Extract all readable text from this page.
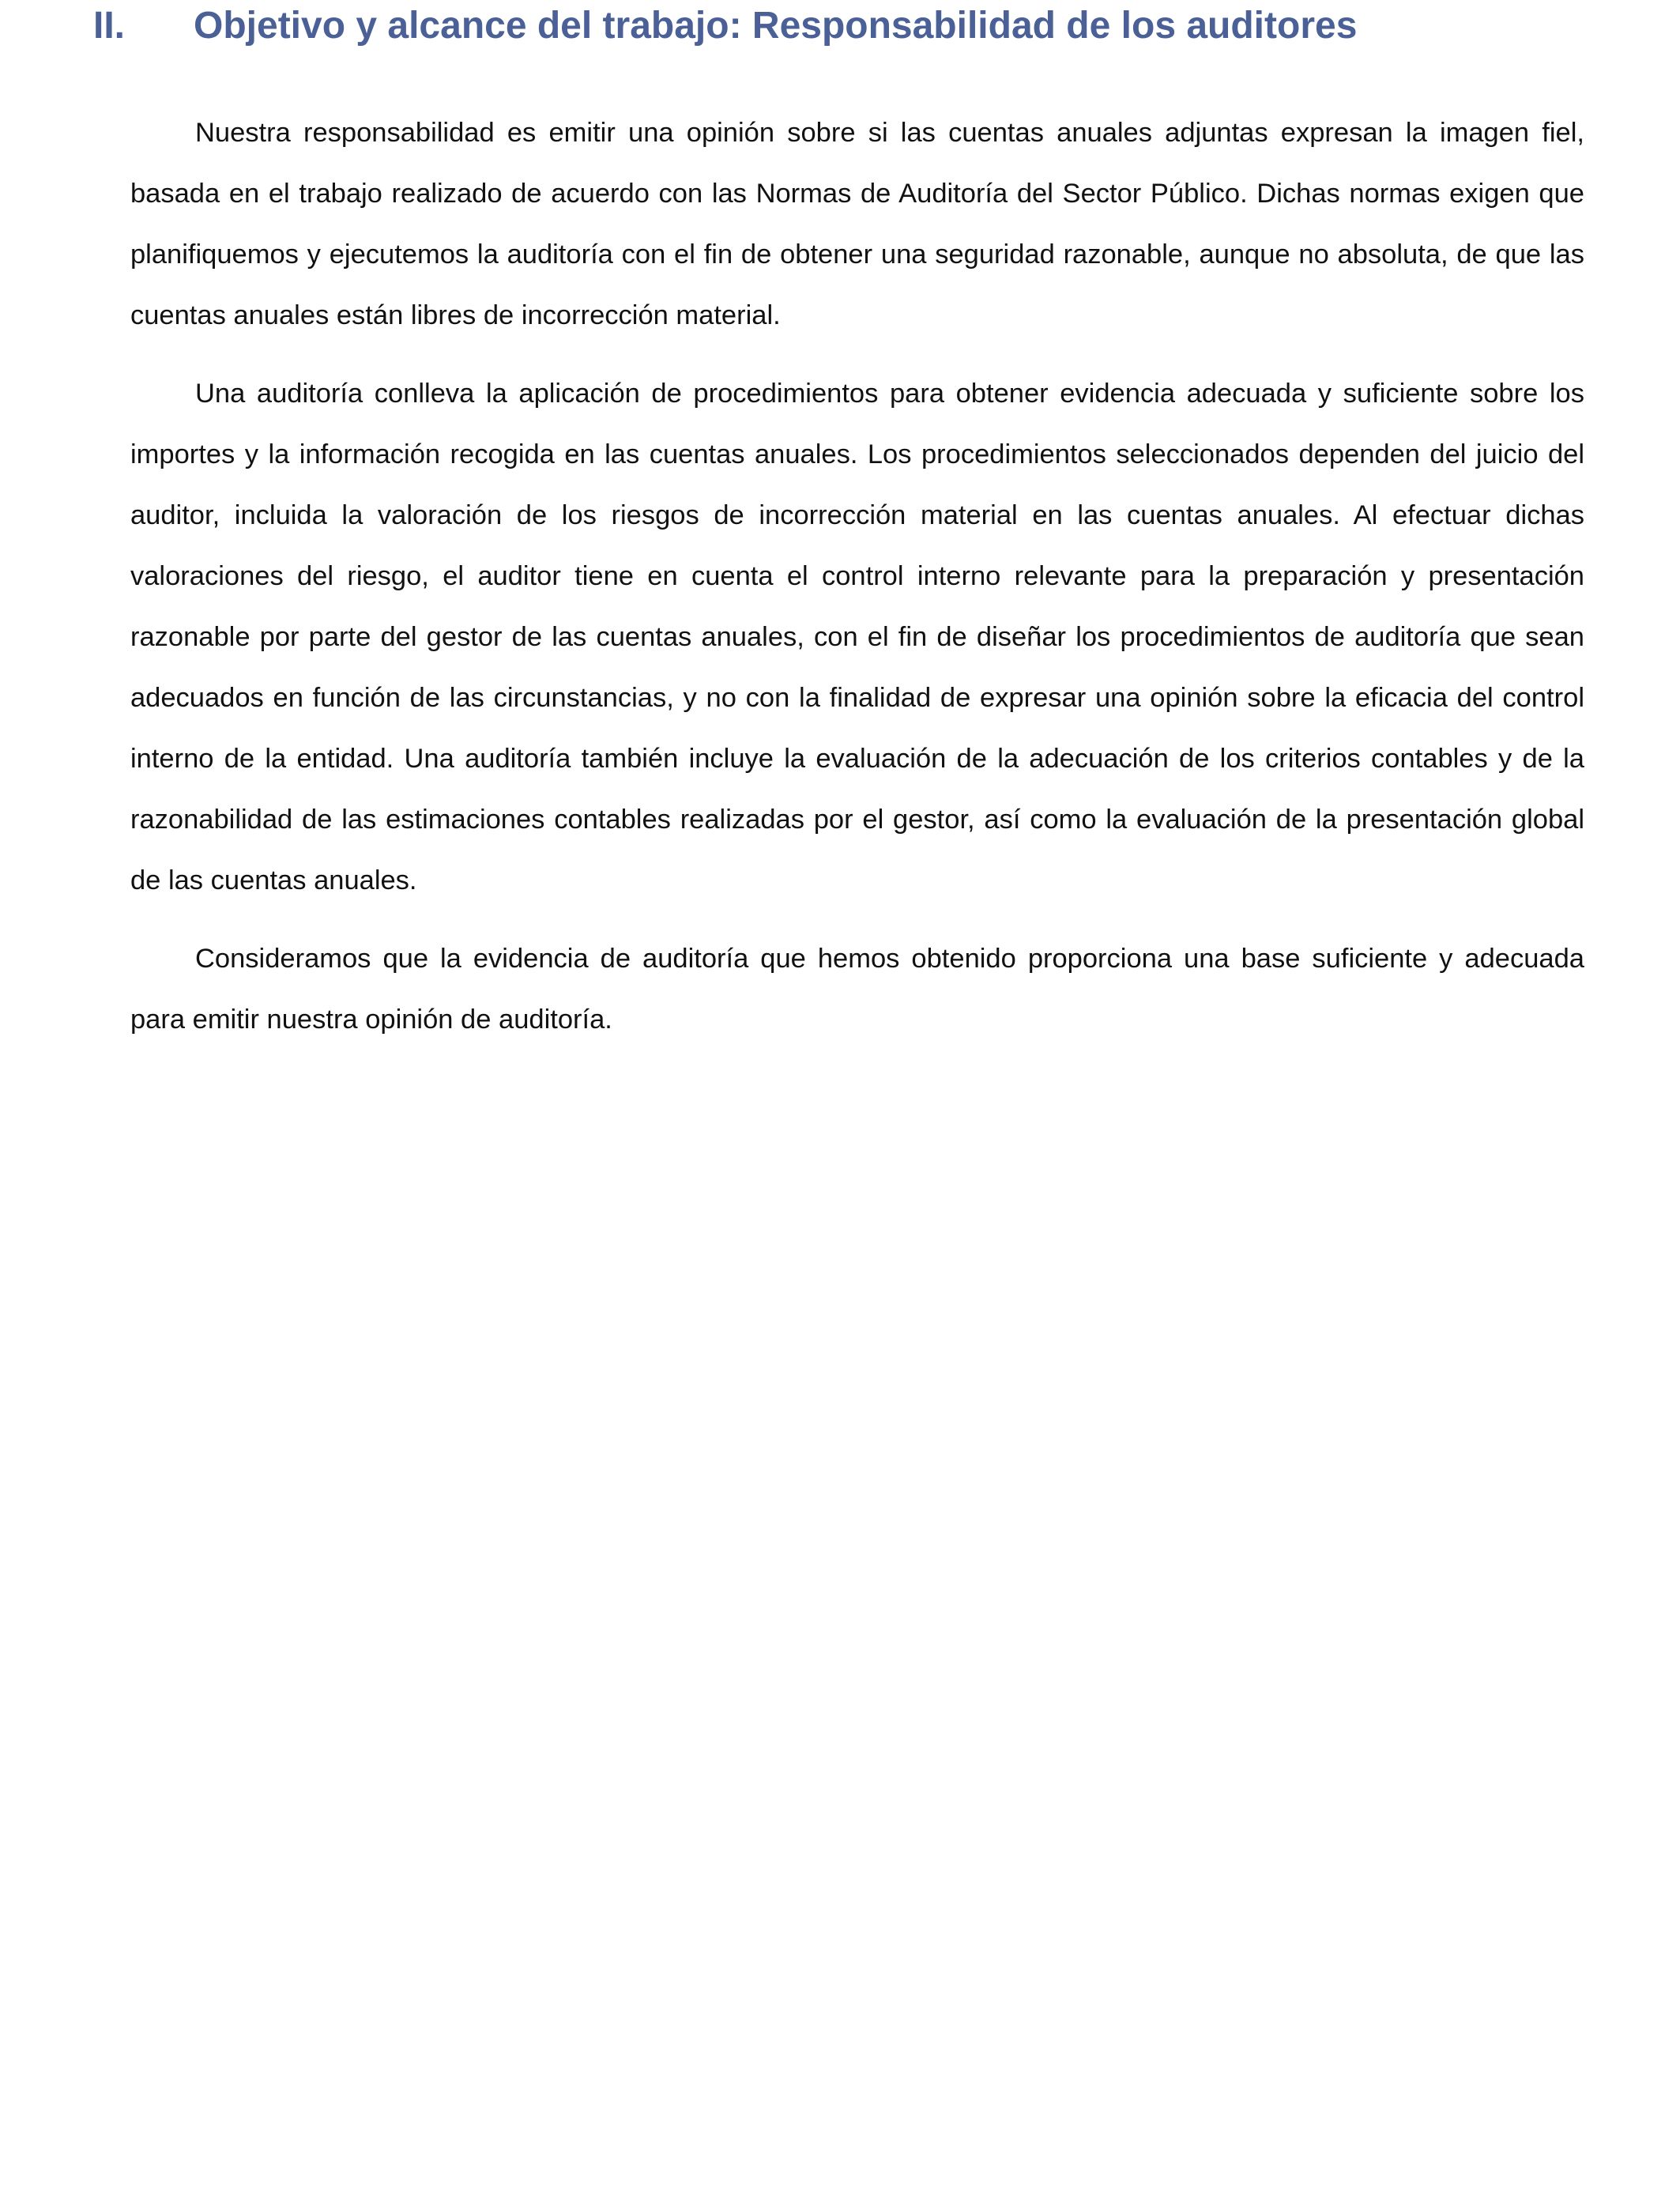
II.	Objetivo y alcance del trabajo: Responsabilidad de los auditores

Nuestra responsabilidad es emitir una opinión sobre si las cuentas anuales adjuntas expresan la imagen fiel, basada en el trabajo realizado de acuerdo con las Normas de Auditoría del Sector Público. Dichas normas exigen que planifiquemos y ejecutemos la auditoría con el fin de obtener una seguridad razonable, aunque no absoluta, de que las cuentas anuales están libres de incorrección material.

Una auditoría conlleva la aplicación de procedimientos para obtener evidencia adecuada y suficiente sobre los importes y la información recogida en las cuentas anuales. Los procedimientos seleccionados dependen del juicio del auditor, incluida la valoración de los riesgos de incorrección material en las cuentas anuales. Al efectuar dichas valoraciones del riesgo, el auditor tiene en cuenta el control interno relevante para la preparación y presentación razonable por parte del gestor de las cuentas anuales, con el fin de diseñar los procedimientos de auditoría que sean adecuados en función de las circunstancias, y no con la finalidad de expresar una opinión sobre la eficacia del control interno de la entidad. Una auditoría también incluye la evaluación de la adecuación de los criterios contables y de la razonabilidad de las estimaciones contables realizadas por el gestor, así como la evaluación de la presentación global de las cuentas anuales.

Consideramos que la evidencia de auditoría que hemos obtenido proporciona una base suficiente y adecuada para emitir nuestra opinión de auditoría.
